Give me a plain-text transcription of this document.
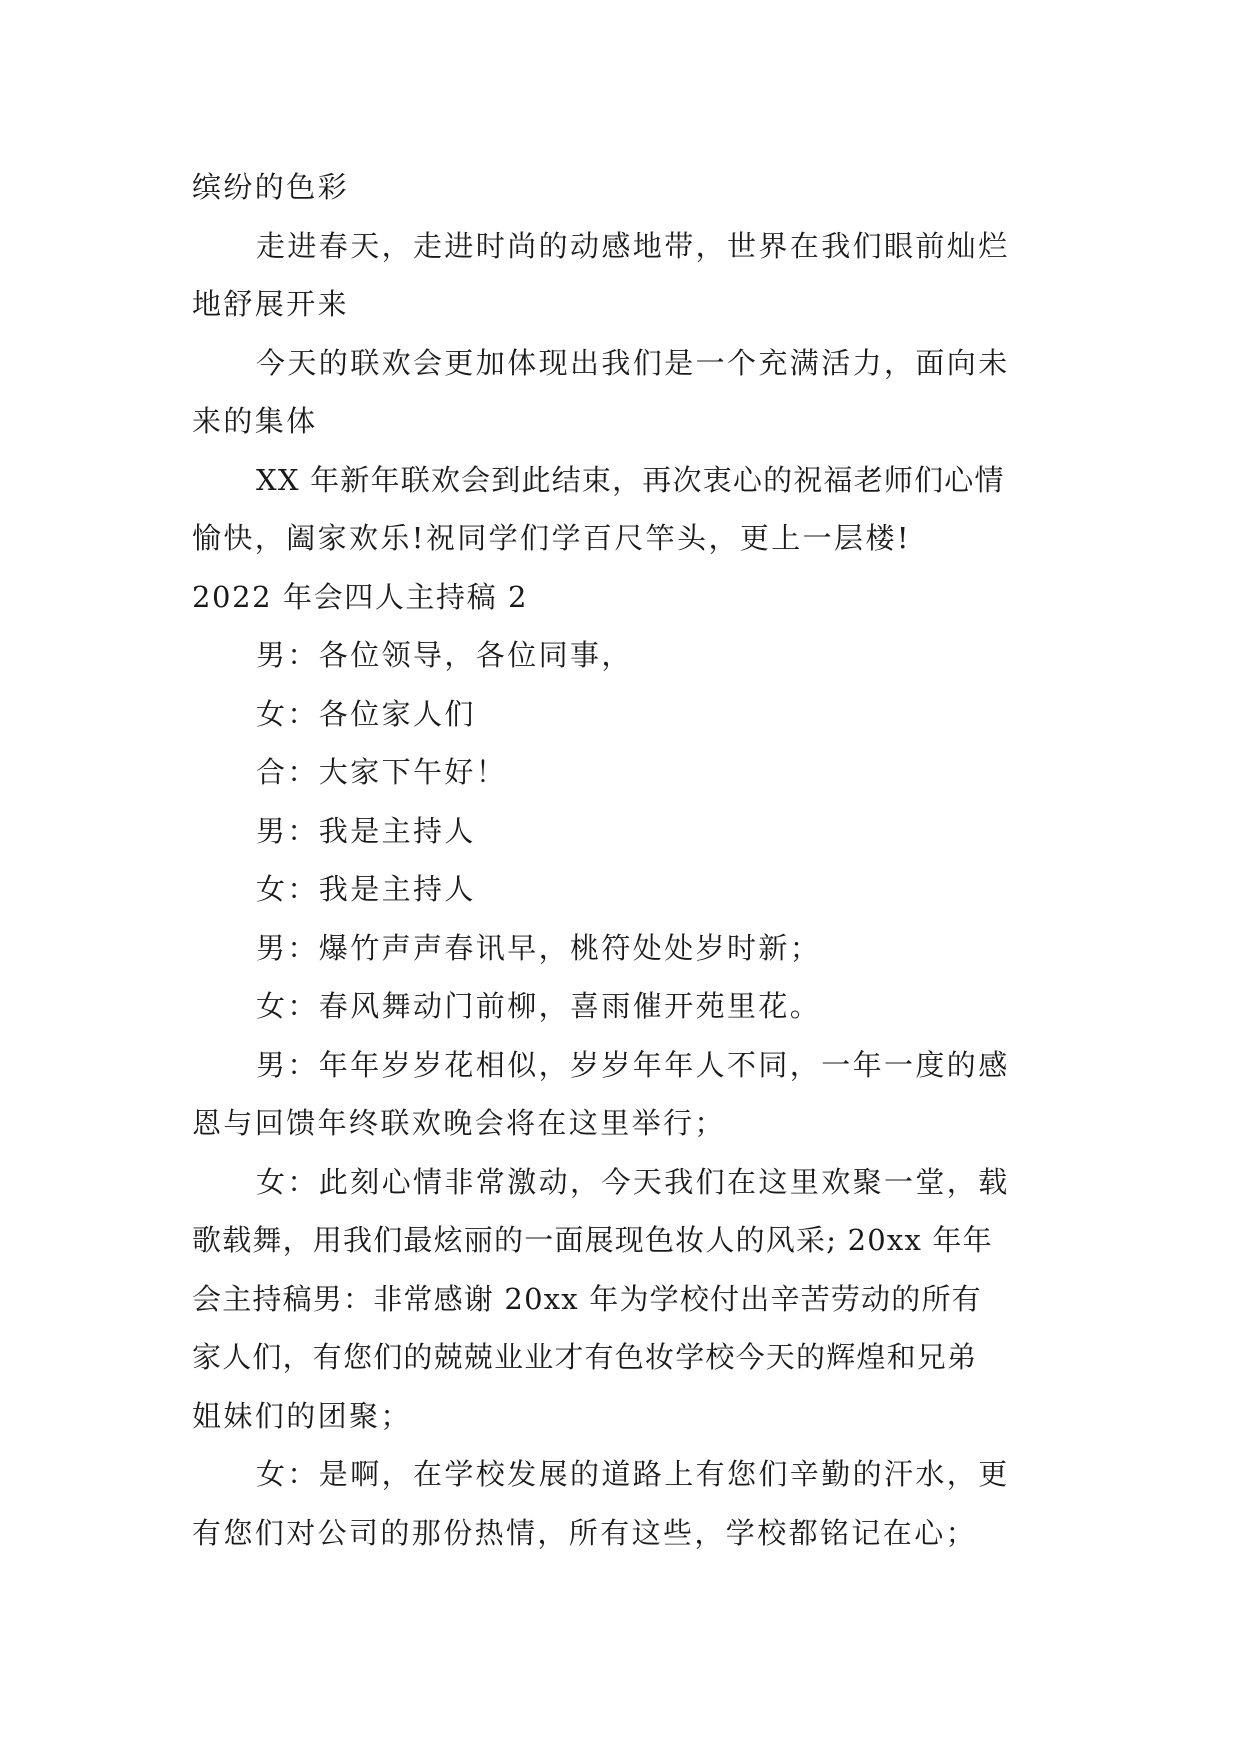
缤纷的色彩
走进春天，走进时尚的动感地带，世界在我们眼前灿烂
地舒展开来
今天的联欢会更加体现出我们是一个充满活力，面向未
来的集体
XX 年新年联欢会到此结束，再次衷心的祝福老师们心情
愉快，阖家欢乐!祝同学们学百尺竿头，更上一层楼!
2022 年会四人主持稿 2
男：各位领导，各位同事，
女：各位家人们
合：大家下午好！
男：我是主持人
女：我是主持人
男：爆竹声声春讯早，桃符处处岁时新；
女：春风舞动门前柳，喜雨催开苑里花。
男：年年岁岁花相似，岁岁年年人不同，一年一度的感
恩与回馈年终联欢晚会将在这里举行；
女：此刻心情非常激动，今天我们在这里欢聚一堂，载
歌载舞，用我们最炫丽的一面展现色妆人的风采; 20xx 年年
会主持稿男：非常感谢 20xx 年为学校付出辛苦劳动的所有
家人们，有您们的兢兢业业才有色妆学校今天的辉煌和兄弟
姐妹们的团聚；
女：是啊，在学校发展的道路上有您们辛勤的汗水，更
有您们对公司的那份热情，所有这些，学校都铭记在心；
